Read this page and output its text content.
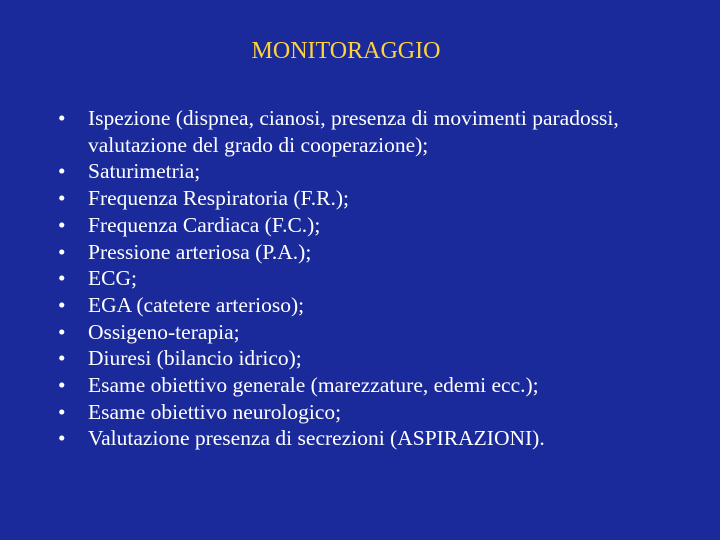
MONITORAGGIO
•	Ispezione (dispnea, cianosi, presenza di movimenti paradossi, valutazione del grado di cooperazione);
•	Saturimetria;
•	Frequenza Respiratoria (F.R.);
•	Frequenza Cardiaca (F.C.);
•	Pressione arteriosa (P.A.);
•	ECG;
•	EGA (catetere arterioso);
•	Ossigeno-terapia;
•	Diuresi (bilancio idrico);
•	Esame obiettivo generale (marezzature, edemi ecc.);
•	Esame obiettivo neurologico;
•	Valutazione presenza di secrezioni (ASPIRAZIONI).
